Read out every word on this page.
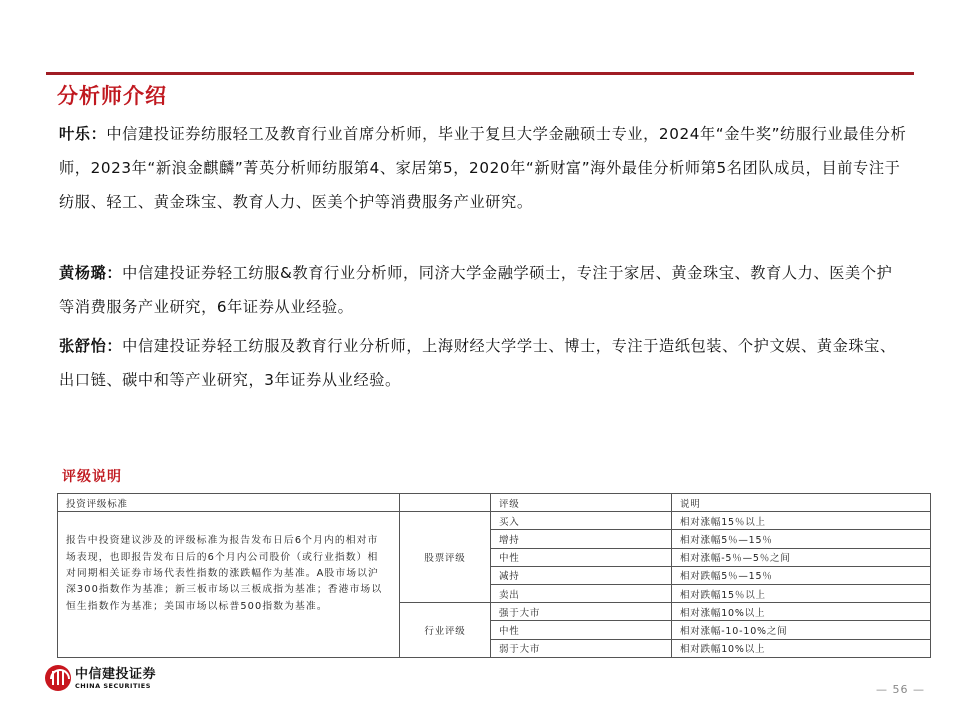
分析师介绍
叶乐：中信建投证券纺服轻工及教育行业首席分析师，毕业于复旦大学金融硕士专业，2024年“金牛奖”纺服行业最佳分析师，2023年“新浪金麒麟”菁英分析师纺服第4、家居第5，2020年“新财富”海外最佳分析师第5名团队成员，目前专注于纺服、轻工、黄金珠宝、教育人力、医美个护等消费服务产业研究。
黄杨璐：中信建投证券轻工纺服&教育行业分析师，同济大学金融学硕士，专注于家居、黄金珠宝、教育人力、医美个护等消费服务产业研究，6年证券从业经验。
张舒怡：中信建投证券轻工纺服及教育行业分析师，上海财经大学学士、博士，专注于造纸包装、个护文娱、黄金珠宝、出口链、碳中和等产业研究，3年证券从业经验。
评级说明
投资评级标准		评级	说明
报告中投资建议涉及的评级标准为报告发布日后6个月内的相对市场表现，也即报告发布日后的6个月内公司股价（或行业指数）相对同期相关证券市场代表性指数的涨跌幅作为基准。A股市场以沪深300指数作为基准；新三板市场以三板成指为基准；香港市场以恒生指数作为基准；美国市场以标普500指数为基准。	股票评级	买入	相对涨幅15％以上
		增持	相对涨幅5％—15％
		中性	相对涨幅-5％—5％之间
		减持	相对跌幅5％—15％
		卖出	相对跌幅15％以上
	行业评级	强于大市	相对涨幅10%以上
		中性	相对涨幅-10-10%之间
		弱于大市	相对跌幅10%以上
中信建投证券
CHINA SECURITIES	— 56 —
